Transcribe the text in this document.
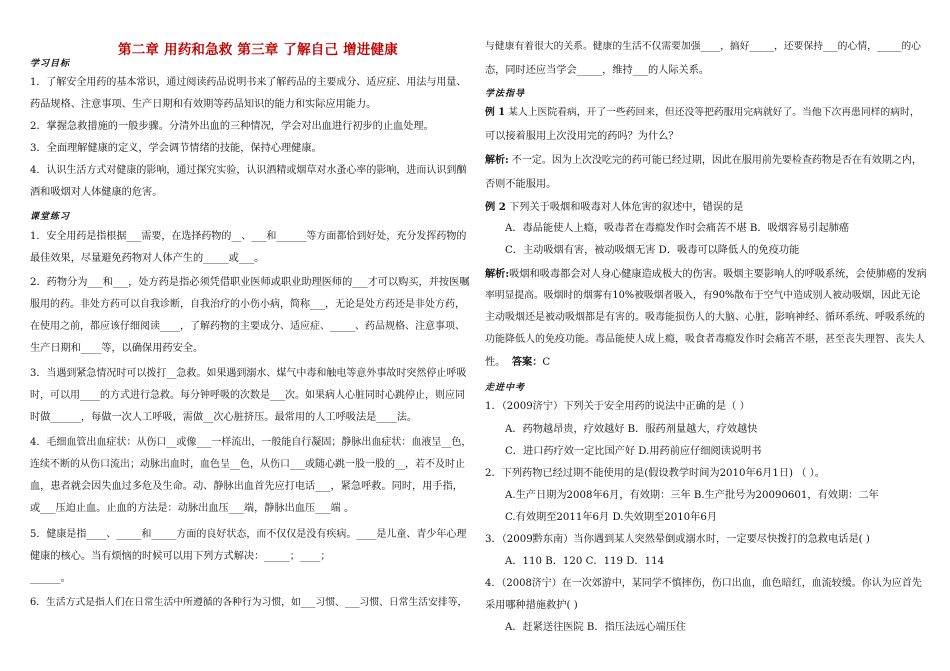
第二章 用药和急救 第三章 了解自己 增进健康
学习目标
1．了解安全用药的基本常识，通过阅读药品说明书来了解药品的主要成分、适应症、用法与用量、
药品规格、注意事项、生产日期和有效期等药品知识的能力和实际应用能力。
2．掌握急救措施的一般步骤。分清外出血的三种情况，学会对出血进行初步的止血处理。
3．全面理解健康的定义，学会调节情绪的技能，保持心理健康。
4．认识生活方式对健康的影响，通过探究实验，认识酒精或烟草对水蚤心率的影响，进而认识到酗
酒和吸烟对人体健康的危害。
课堂练习
1．安全用药是指根据___需要，在选择药物的__、___和______等方面都恰到好处，充分发挥药物的
最佳效果，尽量避免药物对人体产生的_____或___。
2．药物分为___和___，处方药是指必须凭借职业医师或职业助理医师的___才可以购买，并按医嘱
服用的药。非处方药可以自我诊断，自我治疗的小伤小病，简称___，无论是处方药还是非处方药，
在使用之前，都应该仔细阅读____，了解药物的主要成分、适应症、_____、药品规格、注意事项、
生产日期和____等，以确保用药安全。
3．当遇到紧急情况时可以拨打__急救。如果遇到溺水、煤气中毒和触电等意外事故时突然停止呼吸
时，可以用____的方式进行急救。每分钟呼吸的次数是___次。如果病人心脏同时心跳停止，则应同
时做______，每做一次人工呼吸，需做__次心脏挤压。最常用的人工呼吸法是____法。
4．毛细血管出血症状：从伤口__或像___一样流出，一般能自行凝固；静脉出血症状：血液呈__色，
连续不断的从伤口流出；动脉出血时，血色呈__色，从伤口___或随心跳一股一股的__，若不及时止
血，患者就会因失血过多危及生命。动、静脉出血首先应打电话___，紧急呼救。同时，用手指，
或___压迫止血。止血的方法是：动脉出血压___端，静脉出血压___端 。
5．健康是指____、_____和_____方面的良好状态，而不仅仅是没有疾病。____是儿童、青少年心理
健康的核心。当有烦恼的时候可以用下列方式解决：_____；____；
______。
6．生活方式是指人们在日常生活中所遵循的各种行为习惯，如___习惯、___习惯、日常生活安排等，
与健康有着很大的关系。健康的生活不仅需要加强____，搞好_____，还要保持___的心情，_____的心
态，同时还应当学会_____，维持___的人际关系。
学法指导
例 1 某人上医院看病，开了一些药回来，但还没等把药服用完病就好了。当他下次再患同样的病时，
可以接着服用上次没用完的药吗？为什么？
解析: 不一定。因为上次没吃完的药可能已经过期，因此在服用前先要检查药物是否在有效期之内，
否则不能服用。
例 2 下列关于吸烟和吸毒对人体危害的叙述中，错误的是
A．毒品能使人上瘾，吸毒者在毒瘾发作时会痛苦不堪 B．吸烟容易引起肺癌
C．主动吸烟有害，被动吸烟无害 D．吸毒可以降低人的免疫功能
解析:吸烟和吸毒都会对人身心健康造成极大的伤害。吸烟主要影响人的呼吸系统，会使肺癌的发病
率明显提高。吸烟时的烟雾有10%被吸烟者吸入，有90%散布于空气中造成别人被动吸烟，因此无论
主动吸烟还是被动吸烟都是有害的。吸毒能损伤人的大脑、心脏，影响神经、循环系统、呼吸系统的
功能降低人的免疫功能。毒品能使人成上瘾，吸食者毒瘾发作时会痛苦不堪，甚至丧失理智、丧失人
性。 答案：C
走进中考
1．（2009济宁）下列关于安全用药的说法中正确的是（ ）
A．药物越昂贵，疗效越好 B．服药剂量越大，疗效越快
C．进口药疗效一定比国产好 D.用药前应仔细阅读说明书
2．下列药物已经过期不能使用的是(假设教学时间为2010年6月1日) （ ）。
A.生产日期为2008年6月，有效期：三年 B.生产批号为20090601，有效期：二年
C.有效期至2011年6月 D.失效期至2010年6月
3．（2009黔东南）当你遇到某人突然晕倒或溺水时，一定要尽快拨打的急救电话是( )
A．110 B．120 C．119 D．114
4．（2008济宁）在一次郊游中，某同学不慎摔伤，伤口出血，血色暗红，血流较缓。你认为应首先
采用哪种措施救护( )
A．赶紧送往医院 B．指压法远心端压住
